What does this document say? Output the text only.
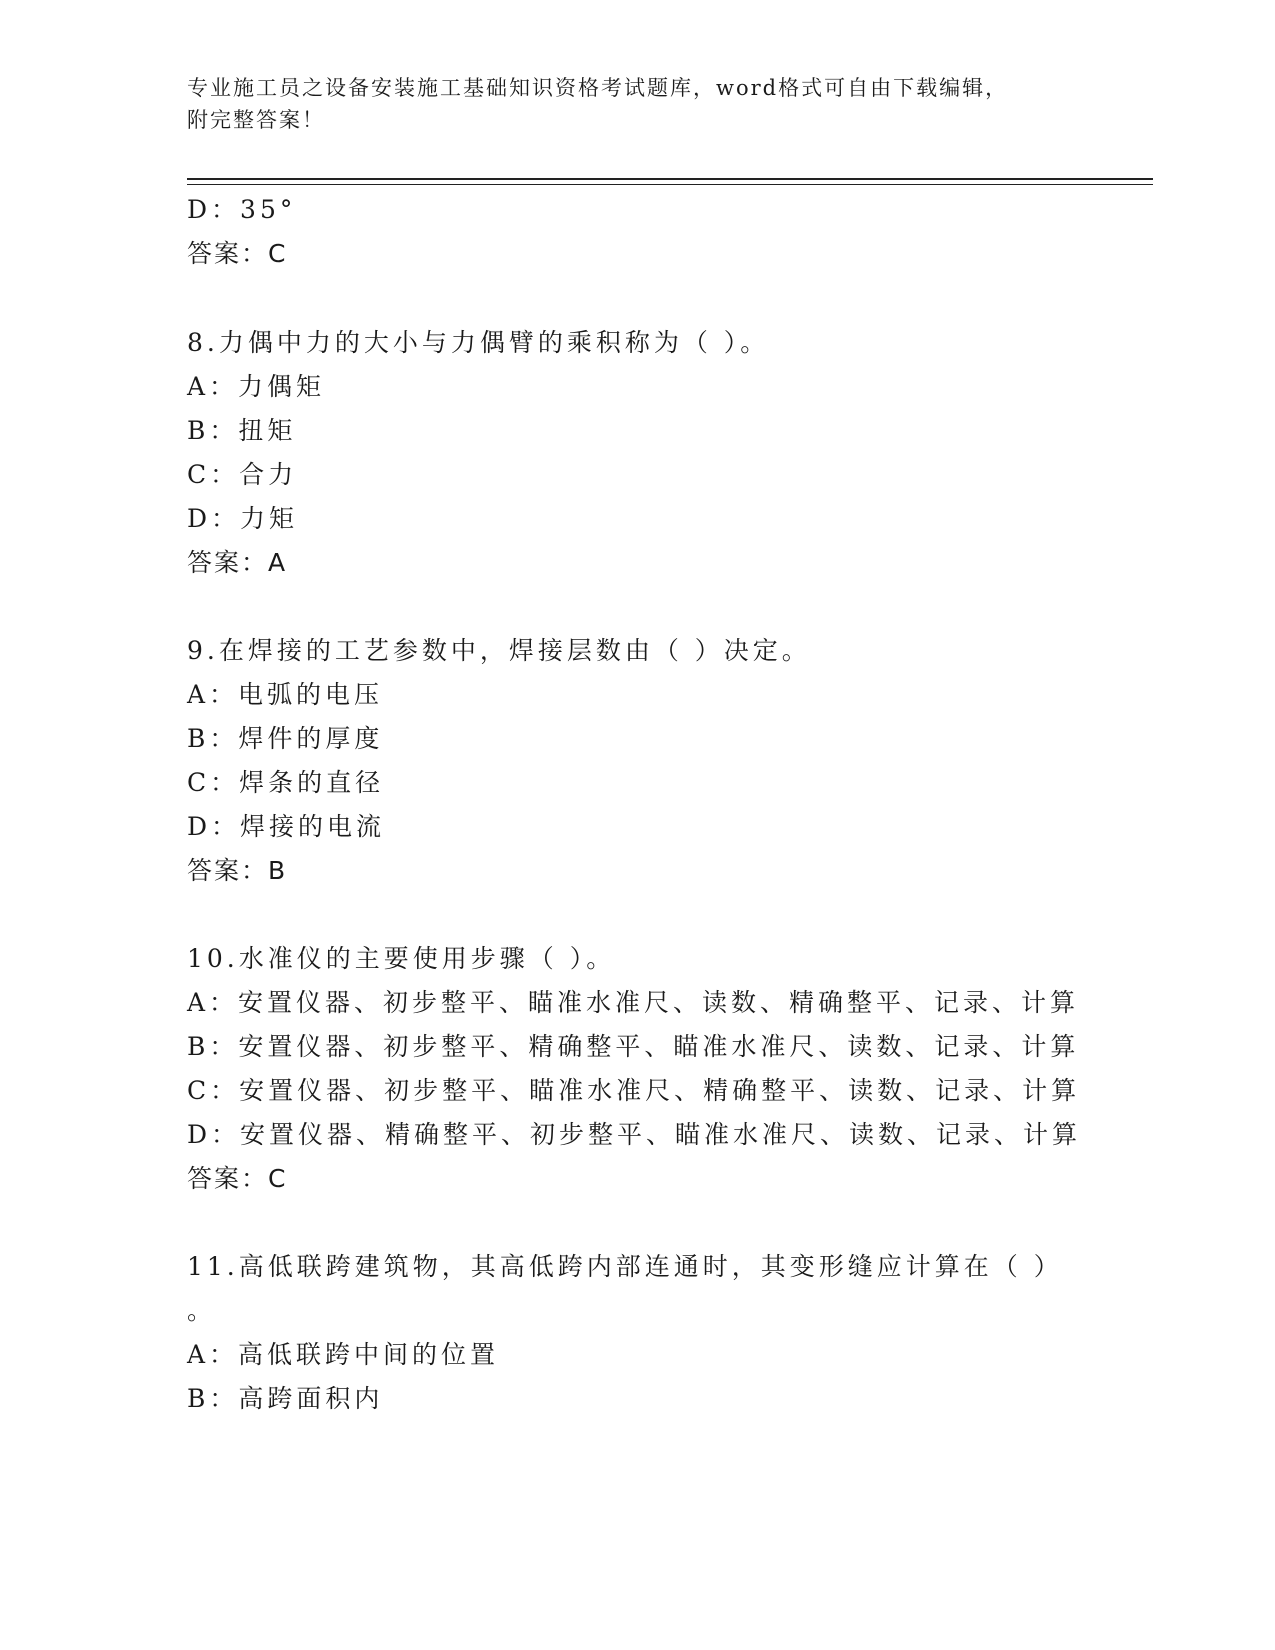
专业施工员之设备安装施工基础知识资格考试题库，word格式可自由下载编辑，
附完整答案！
D：35°
答案：C
8.力偶中力的大小与力偶臂的乘积称为（ ）。
A：力偶矩
B：扭矩
C：合力
D：力矩
答案：A
9.在焊接的工艺参数中，焊接层数由（ ）决定。
A：电弧的电压
B：焊件的厚度
C：焊条的直径
D：焊接的电流
答案：B
10.水准仪的主要使用步骤（ ）。
A：安置仪器、初步整平、瞄准水准尺、读数、精确整平、记录、计算
B：安置仪器、初步整平、精确整平、瞄准水准尺、读数、记录、计算
C：安置仪器、初步整平、瞄准水准尺、精确整平、读数、记录、计算
D：安置仪器、精确整平、初步整平、瞄准水准尺、读数、记录、计算
答案：C
11.高低联跨建筑物，其高低跨内部连通时，其变形缝应计算在（ ）
。
A：高低联跨中间的位置
B：高跨面积内
